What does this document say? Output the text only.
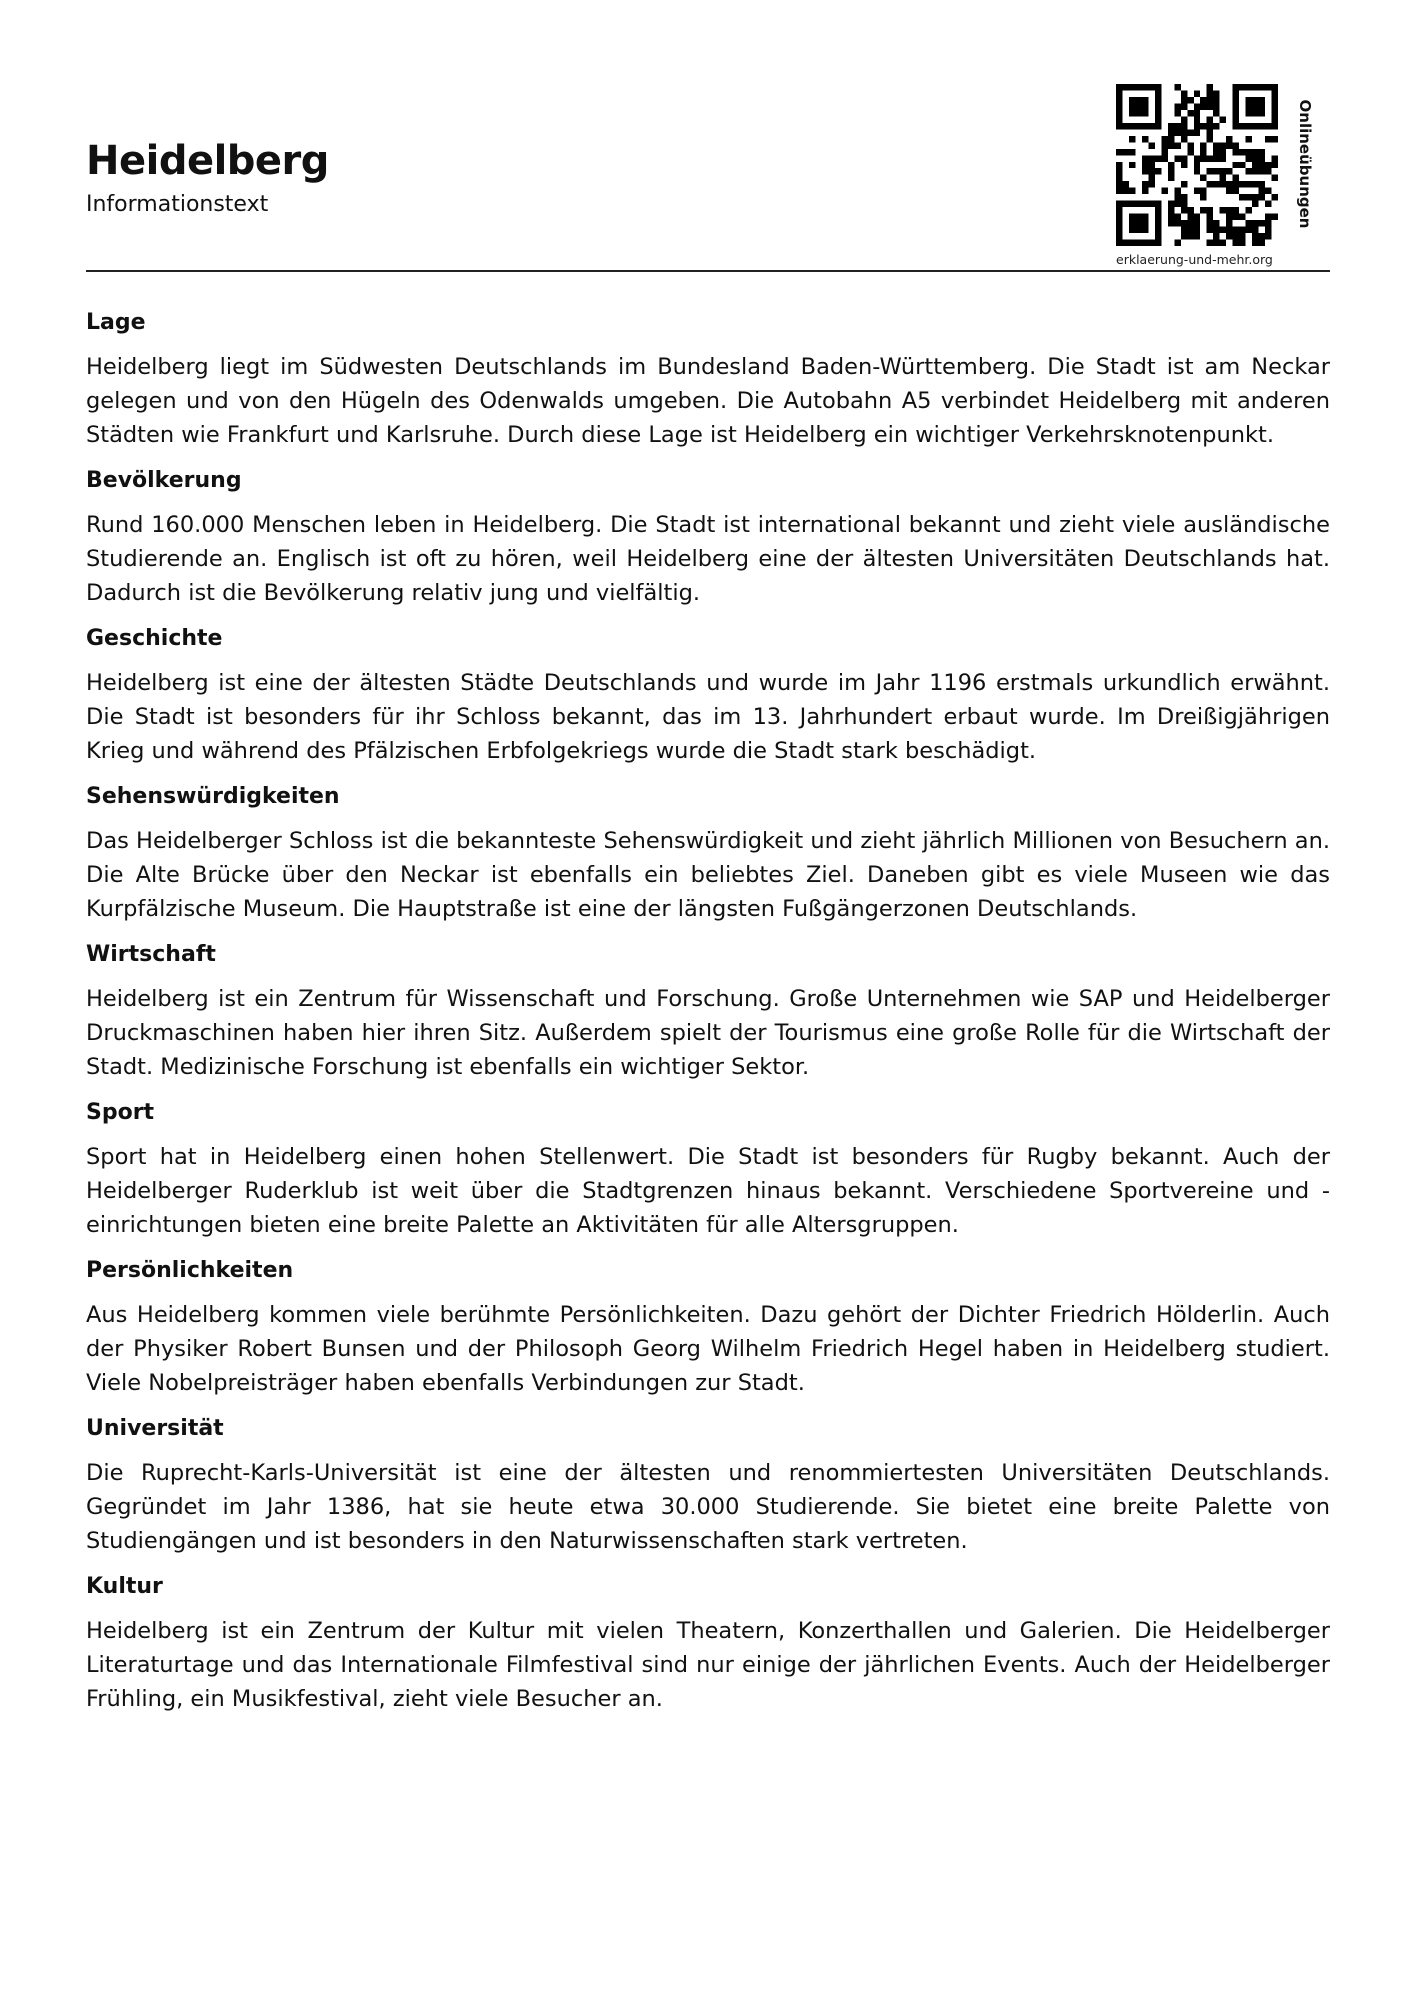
Heidelberg
Informationstext	Onlineübungen
erklaerung-und-mehr.org
Lage

Heidelberg liegt im Südwesten Deutschlands im Bundesland Baden-Württemberg. Die Stadt ist am Neckar gelegen und von den Hügeln des Odenwalds umgeben. Die Autobahn A5 verbindet Heidelberg mit anderen Städten wie Frankfurt und Karlsruhe. Durch diese Lage ist Heidelberg ein wichtiger Verkehrsknotenpunkt.

Bevölkerung

Rund 160.000 Menschen leben in Heidelberg. Die Stadt ist international bekannt und zieht viele ausländische Studierende an. Englisch ist oft zu hören, weil Heidelberg eine der ältesten Universitäten Deutschlands hat. Dadurch ist die Bevölkerung relativ jung und vielfältig.

Geschichte

Heidelberg ist eine der ältesten Städte Deutschlands und wurde im Jahr 1196 erstmals urkundlich erwähnt. Die Stadt ist besonders für ihr Schloss bekannt, das im 13. Jahrhundert erbaut wurde. Im Dreißigjährigen Krieg und während des Pfälzischen Erbfolgekriegs wurde die Stadt stark beschädigt.

Sehenswürdigkeiten

Das Heidelberger Schloss ist die bekannteste Sehenswürdigkeit und zieht jährlich Millionen von Besuchern an. Die Alte Brücke über den Neckar ist ebenfalls ein beliebtes Ziel. Daneben gibt es viele Museen wie das Kurpfälzische Museum. Die Hauptstraße ist eine der längsten Fußgängerzonen Deutschlands.

Wirtschaft

Heidelberg ist ein Zentrum für Wissenschaft und Forschung. Große Unternehmen wie SAP und Heidelberger Druckmaschinen haben hier ihren Sitz. Außerdem spielt der Tourismus eine große Rolle für die Wirtschaft der Stadt. Medizinische Forschung ist ebenfalls ein wichtiger Sektor.

Sport

Sport hat in Heidelberg einen hohen Stellenwert. Die Stadt ist besonders für Rugby bekannt. Auch der Heidelberger Ruderklub ist weit über die Stadtgrenzen hinaus bekannt. Verschiedene Sportvereine und -einrichtungen bieten eine breite Palette an Aktivitäten für alle Altersgruppen.

Persönlichkeiten

Aus Heidelberg kommen viele berühmte Persönlichkeiten. Dazu gehört der Dichter Friedrich Hölderlin. Auch der Physiker Robert Bunsen und der Philosoph Georg Wilhelm Friedrich Hegel haben in Heidelberg studiert. Viele Nobelpreisträger haben ebenfalls Verbindungen zur Stadt.

Universität

Die Ruprecht-Karls-Universität ist eine der ältesten und renommiertesten Universitäten Deutschlands. Gegründet im Jahr 1386, hat sie heute etwa 30.000 Studierende. Sie bietet eine breite Palette von Studiengängen und ist besonders in den Naturwissenschaften stark vertreten.

Kultur

Heidelberg ist ein Zentrum der Kultur mit vielen Theatern, Konzerthallen und Galerien. Die Heidelberger Literaturtage und das Internationale Filmfestival sind nur einige der jährlichen Events. Auch der Heidelberger Frühling, ein Musikfestival, zieht viele Besucher an.
